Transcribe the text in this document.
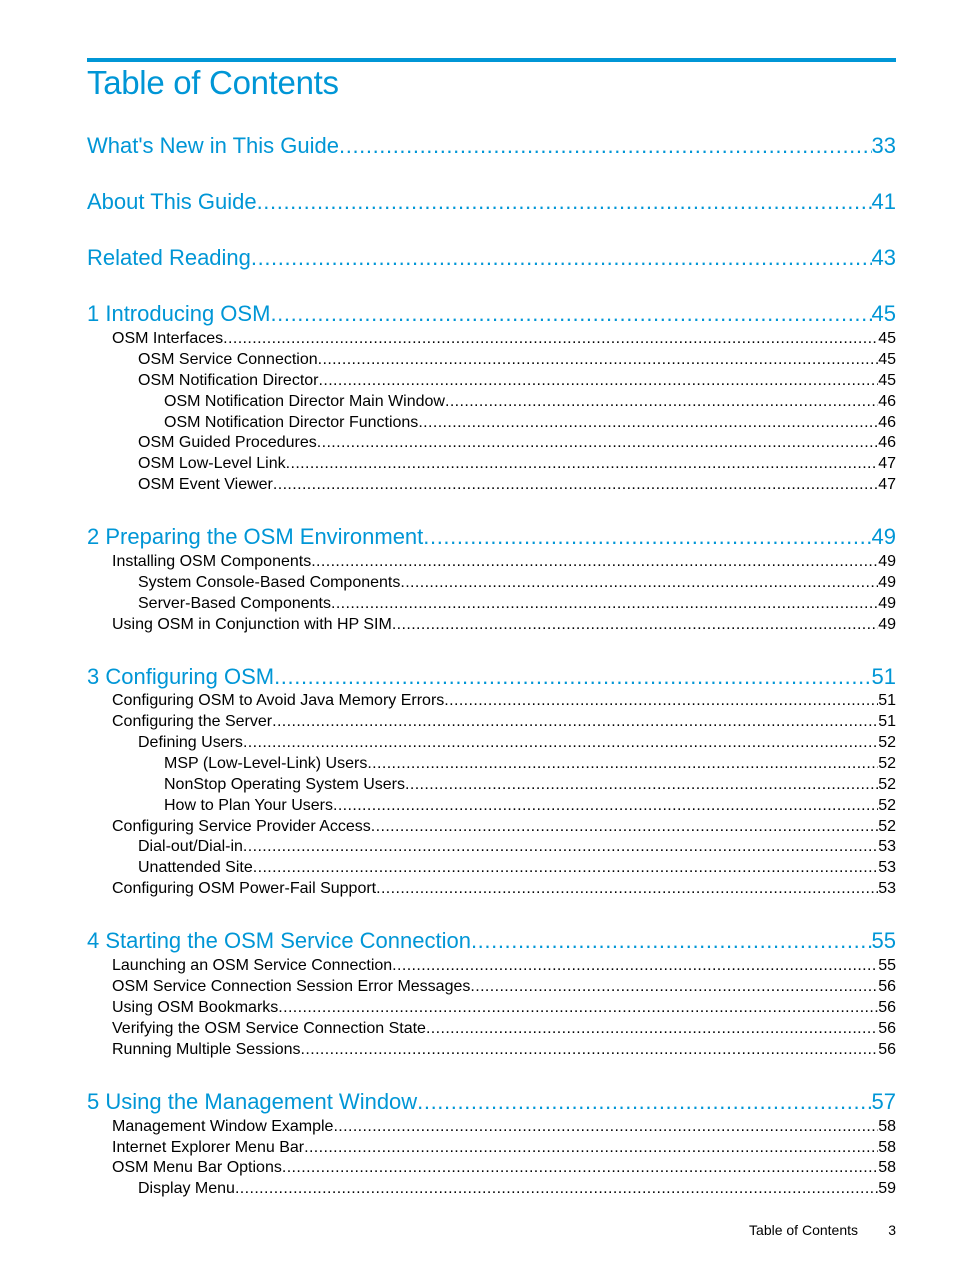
Table of Contents
What's New in This Guide .....	33
About This Guide .....	41
Related Reading .....	43
1 Introducing OSM .....	45
OSM Interfaces .....	45
OSM Service Connection .....	45
OSM Notification Director .....	45
OSM Notification Director Main Window .....	46
OSM Notification Director Functions .....	46
OSM Guided Procedures .....	46
OSM Low-Level Link .....	47
OSM Event Viewer .....	47
2 Preparing the OSM Environment .....	49
Installing OSM Components .....	49
System Console-Based Components .....	49
Server-Based Components .....	49
Using OSM in Conjunction with HP SIM .....	49
3 Configuring OSM .....	51
Configuring OSM to Avoid Java Memory Errors .....	51
Configuring the Server .....	51
Defining Users .....	52
MSP (Low-Level-Link) Users .....	52
NonStop Operating System Users .....	52
How to Plan Your Users .....	52
Configuring Service Provider Access .....	52
Dial-out/Dial-in .....	53
Unattended Site .....	53
Configuring OSM Power-Fail Support .....	53
4 Starting the OSM Service Connection .....	55
Launching an OSM Service Connection .....	55
OSM Service Connection Session Error Messages .....	56
Using OSM Bookmarks .....	56
Verifying the OSM Service Connection State .....	56
Running Multiple Sessions .....	56
5 Using the Management Window .....	57
Management Window Example .....	58
Internet Explorer Menu Bar .....	58
OSM Menu Bar Options .....	58
Display Menu .....	59
Table of Contents 3
